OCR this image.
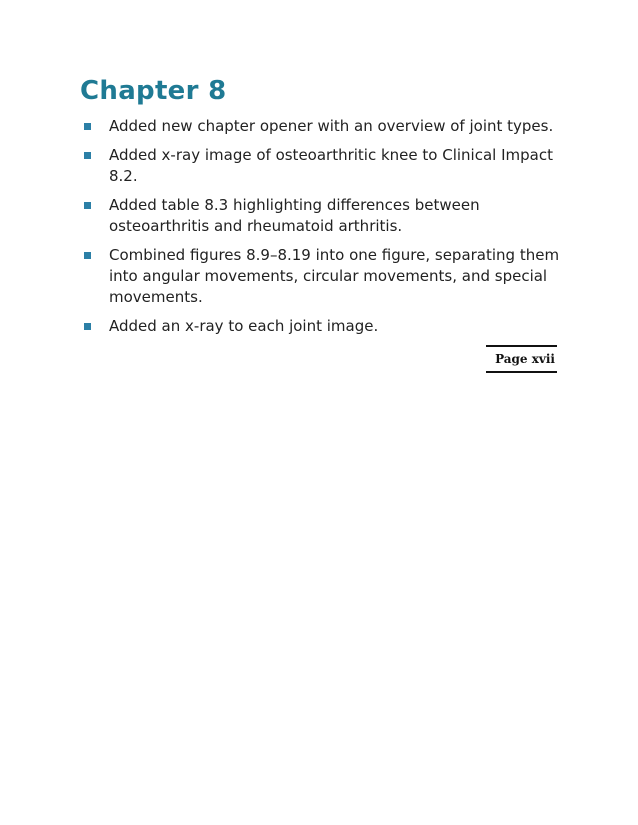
Chapter 8
Added new chapter opener with an overview of joint types.
Added x-ray image of osteoarthritic knee to Clinical Impact 8.2.
Added table 8.3 highlighting differences between osteoarthritis and rheumatoid arthritis.
Combined figures 8.9–8.19 into one figure, separating them into angular movements, circular movements, and special movements.
Added an x-ray to each joint image.
Page xvii
